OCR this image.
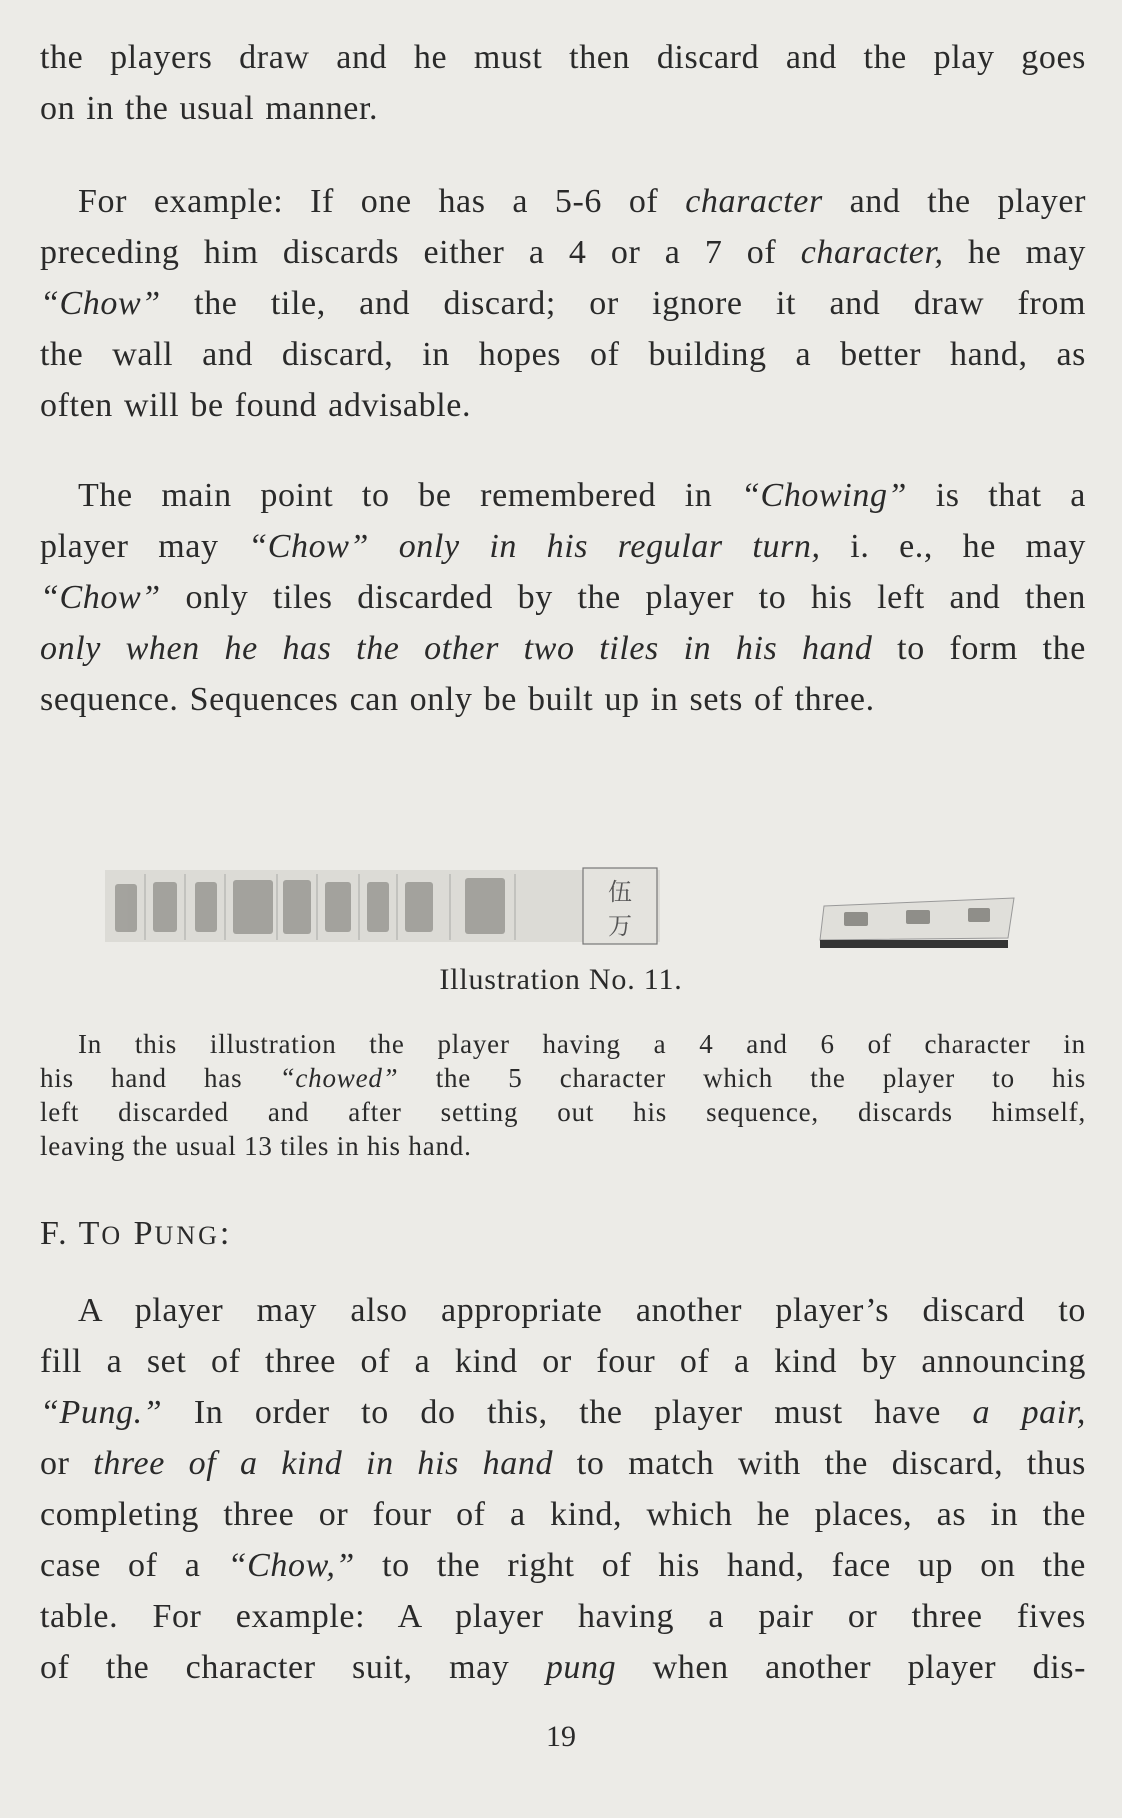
the players draw and he must then discard and the play goes
on in the usual manner.

For example: If one has a 5-6 of character and the player
preceding him discards either a 4 or a 7 of character, he may
“Chow” the tile, and discard; or ignore it and draw from
the wall and discard, in hopes of building a better hand, as
often will be found advisable.

The main point to be remembered in “Chowing” is that a
player may “Chow” only in his regular turn, i. e., he may
“Chow” only tiles discarded by the player to his left and then
only when he has the other two tiles in his hand to form the
sequence. Sequences can only be built up in sets of three.

伍
万
Illustration No. 11.

In this illustration the player having a 4 and 6 of character in
his hand has “chowed” the 5 character which the player to his
left discarded and after setting out his sequence, discards himself,
leaving the usual 13 tiles in his hand.

F. TO PUNG:

A player may also appropriate another player’s discard to
fill a set of three of a kind or four of a kind by announcing
“Pung.” In order to do this, the player must have a pair,
or three of a kind in his hand to match with the discard, thus
completing three or four of a kind, which he places, as in the
case of a “Chow,” to the right of his hand, face up on the
table. For example: A player having a pair or three fives
of the character suit, may pung when another player dis-

19
